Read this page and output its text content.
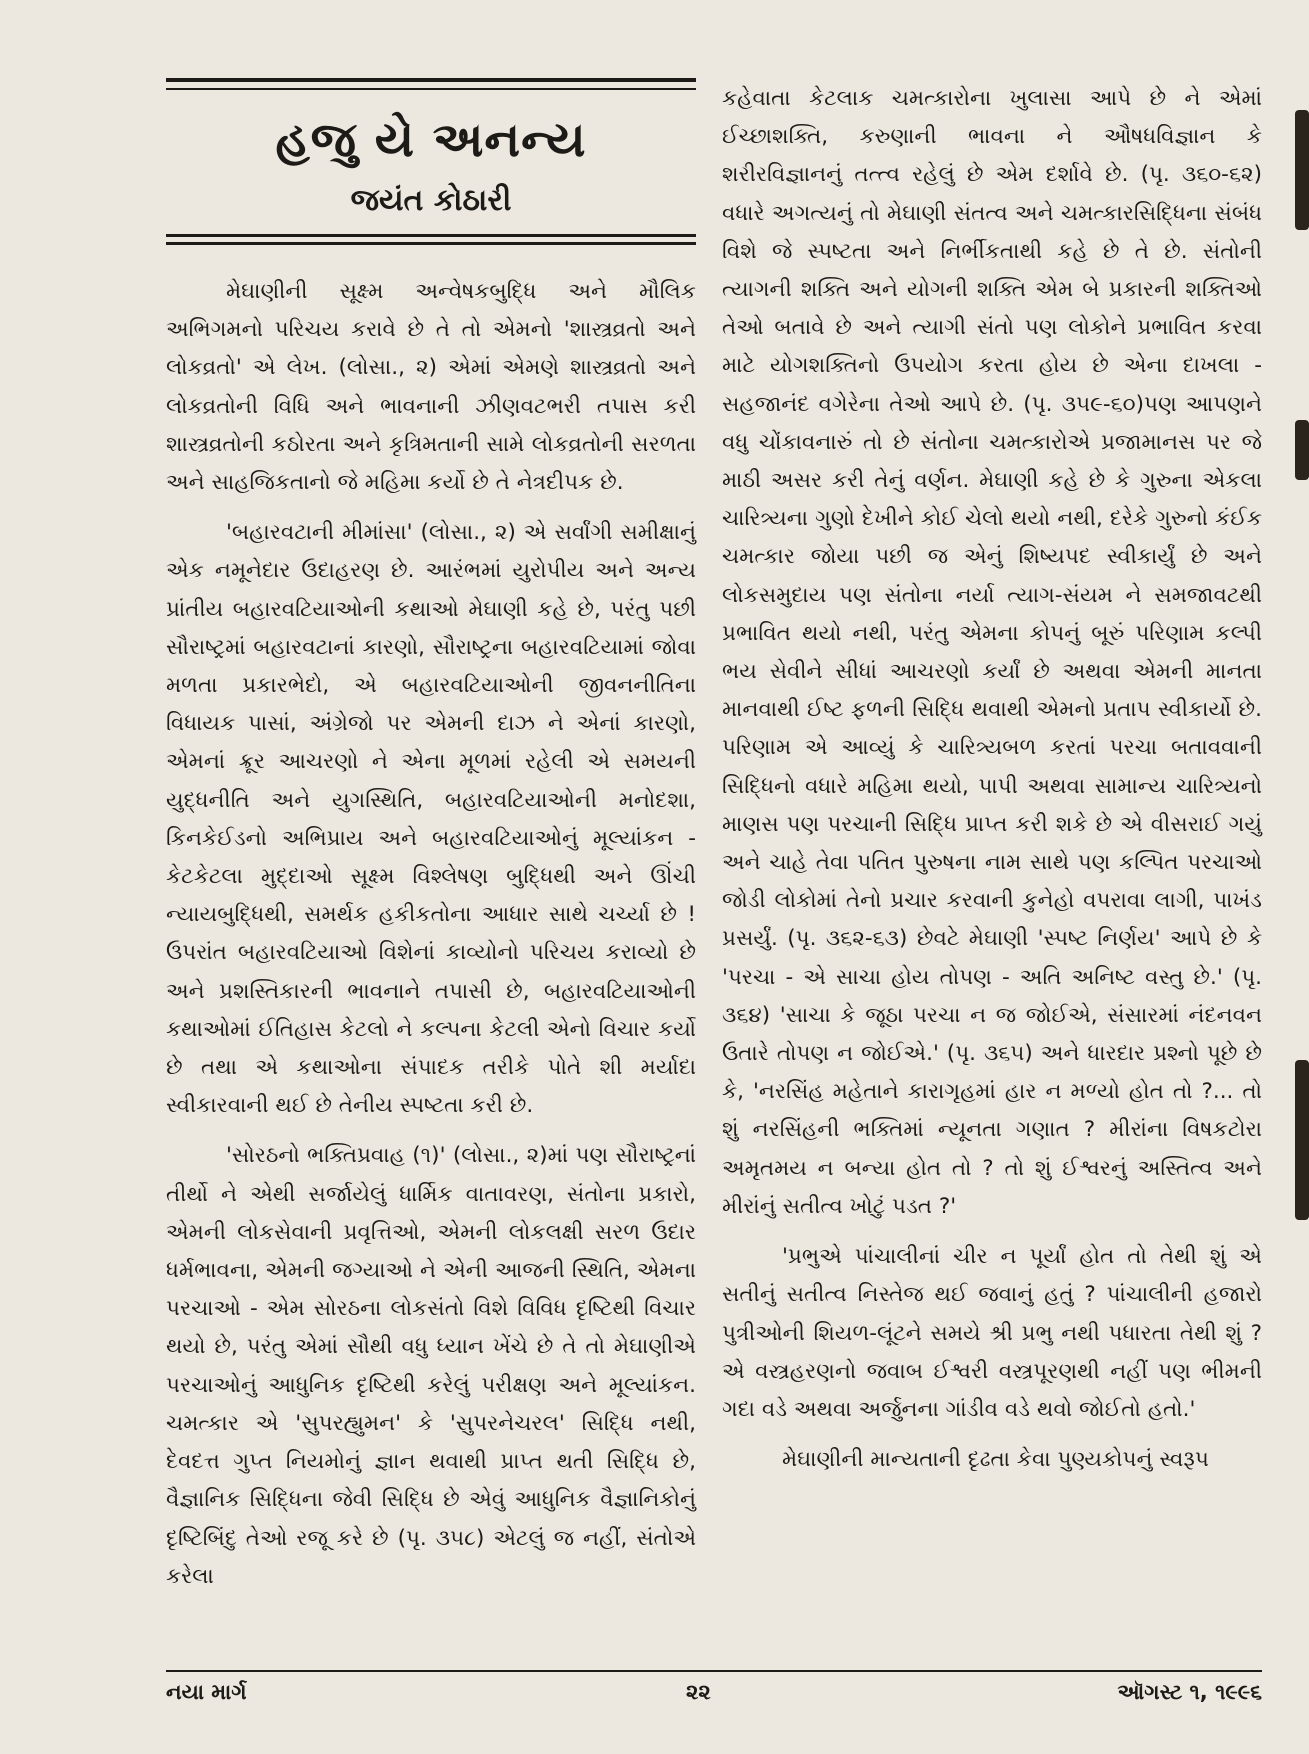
હજુ યે અનન્ય
જયંત કોઠારી

મેઘાણીની સૂક્ષ્મ અન્વેષકબુદ્ધિ અને મૌલિક અભિગમનો પરિચય કરાવે છે તે તો એમનો 'શાસ્ત્રવ્રતો અને લોકવ્રતો' એ લેખ. (લોસા., ૨) એમાં એમણે શાસ્ત્રવ્રતો અને લોકવ્રતોની વિધિ અને ભાવનાની ઝીણવટભરી તપાસ કરી શાસ્ત્રવ્રતોની કઠોરતા અને કૃત્રિમતાની સામે લોકવ્રતોની સરળતા અને સાહજિકતાનો જે મહિમા કર્યો છે તે નેત્રદીપક છે.

'બહારવટાની મીમાંસા' (લોસા., ૨) એ સર્વાંગી સમીક્ષાનું એક નમૂનેદાર ઉદાહરણ છે. આરંભમાં યુરોપીય અને અન્ય પ્રાંતીય બહારવટિયાઓની કથાઓ મેઘાણી કહે છે, પરંતુ પછી સૌરાષ્ટ્રમાં બહારવટાનાં કારણો, સૌરાષ્ટ્રના બહારવટિયામાં જોવા મળતા પ્રકારભેદો, એ બહારવટિયાઓની જીવનનીતિના વિધાયક પાસાં, અંગ્રેજો પર એમની દાઝ ને એનાં કારણો, એમનાં ક્રૂર આચરણો ને એના મૂળમાં રહેલી એ સમયની યુદ્ધનીતિ અને યુગસ્થિતિ, બહારવટિયાઓની મનોદશા, કિનકેઈડનો અભિપ્રાય અને બહારવટિયાઓનું મૂલ્યાંકન - કેટકેટલા મુદ્દાઓ સૂક્ષ્મ વિશ્લેષણ બુદ્ધિથી અને ઊંચી ન્યાયબુદ્ધિથી, સમર્થક હકીકતોના આધાર સાથે ચર્ચ્યા છે ! ઉપરાંત બહારવટિયાઓ વિશેનાં કાવ્યોનો પરિચય કરાવ્યો છે અને પ્રશસ્તિકારની ભાવનાને તપાસી છે, બહારવટિયાઓની કથાઓમાં ઈતિહાસ કેટલો ને કલ્પના કેટલી એનો વિચાર કર્યો છે તથા એ કથાઓના સંપાદક તરીકે પોતે શી મર્યાદા સ્વીકારવાની થઈ છે તેનીય સ્પષ્ટતા કરી છે.

'સોરઠનો ભક્તિપ્રવાહ (૧)' (લોસા., ૨)માં પણ સૌરાષ્ટ્રનાં તીર્થો ને એથી સર્જાયેલું ધાર્મિક વાતાવરણ, સંતોના પ્રકારો, એમની લોકસેવાની પ્રવૃત્તિઓ, એમની લોકલક્ષી સરળ ઉદાર ધર્મભાવના, એમની જગ્યાઓ ને એની આજની સ્થિતિ, એમના પરચાઓ - એમ સોરઠના લોકસંતો વિશે વિવિધ દૃષ્ટિથી વિચાર થયો છે, પરંતુ એમાં સૌથી વધુ ધ્યાન ખેંચે છે તે તો મેઘાણીએ પરચાઓનું આધુનિક દૃષ્ટિથી કરેલું પરીક્ષણ અને મૂલ્યાંકન. ચમત્કાર એ 'સુપરહ્યુમન' કે 'સુપરનેચરલ' સિદ્ધિ નથી, દેવદત્ત ગુપ્ત નિયમોનું જ્ઞાન થવાથી પ્રાપ્ત થતી સિદ્ધિ છે, વૈજ્ઞાનિક સિદ્ધિના જેવી સિદ્ધિ છે એવું આધુનિક વૈજ્ઞાનિકોનું દૃષ્ટિબિંદુ તેઓ રજૂ કરે છે (પૃ. ૩૫૮) એટલું જ નહીં, સંતોએ કરેલા

કહેવાતા કેટલાક ચમત્કારોના ખુલાસા આપે છે ને એમાં ઈચ્છાશક્તિ, કરુણાની ભાવના ને ઔષધવિજ્ઞાન કે શરીરવિજ્ઞાનનું તત્ત્વ રહેલું છે એમ દર્શાવે છે. (પૃ. ૩૬૦-૬૨) વધારે અગત્યનું તો મેઘાણી સંતત્વ અને ચમત્કારસિદ્ધિના સંબંધ વિશે જે સ્પષ્ટતા અને નિર્ભીકતાથી કહે છે તે છે. સંતોની ત્યાગની શક્તિ અને યોગની શક્તિ એમ બે પ્રકારની શક્તિઓ તેઓ બતાવે છે અને ત્યાગી સંતો પણ લોકોને પ્રભાવિત કરવા માટે યોગશક્તિનો ઉપયોગ કરતા હોય છે એના દાખલા - સહજાનંદ વગેરેના તેઓ આપે છે. (પૃ. ૩૫૯-૬૦)પણ આપણને વધુ ચોંકાવનારું તો છે સંતોના ચમત્કારોએ પ્રજામાનસ પર જે માઠી અસર કરી તેનું વર્ણન. મેઘાણી કહે છે કે ગુરુના એકલા ચારિત્ર્યના ગુણો દેખીને કોઈ ચેલો થયો નથી, દરેકે ગુરુનો કંઈક ચમત્કાર જોયા પછી જ એનું શિષ્યપદ સ્વીકાર્યું છે અને લોકસમુદાય પણ સંતોના નર્યા ત્યાગ-સંયમ ને સમજાવટથી પ્રભાવિત થયો નથી, પરંતુ એમના કોપનું બૂરું પરિણામ કલ્પી ભય સેવીને સીધાં આચરણો કર્યાં છે અથવા એમની માનતા માનવાથી ઈષ્ટ ફળની સિદ્ધિ થવાથી એમનો પ્રતાપ સ્વીકાર્યો છે. પરિણામ એ આવ્યું કે ચારિત્ર્યબળ કરતાં પરચા બતાવવાની સિદ્ધિનો વધારે મહિમા થયો, પાપી અથવા સામાન્ય ચારિત્ર્યનો માણસ પણ પરચાની સિદ્ધિ પ્રાપ્ત કરી શકે છે એ વીસરાઈ ગયું અને ચાહે તેવા પતિત પુરુષના નામ સાથે પણ કલ્પિત પરચાઓ જોડી લોકોમાં તેનો પ્રચાર કરવાની કુનેહો વપરાવા લાગી, પાખંડ પ્રસર્યું. (પૃ. ૩૬૨-૬૩) છેવટે મેઘાણી 'સ્પષ્ટ નિર્ણય' આપે છે કે 'પરચા - એ સાચા હોય તોપણ - અતિ અનિષ્ટ વસ્તુ છે.' (પૃ. ૩૬૪) 'સાચા કે જૂઠા પરચા ન જ જોઈએ, સંસારમાં નંદનવન ઉતારે તોપણ ન જોઈએ.' (પૃ. ૩૬૫) અને ધારદાર પ્રશ્નો પૂછે છે કે, 'નરસિંહ મહેતાને કારાગૃહમાં હાર ન મળ્યો હોત તો ?... તો શું નરસિંહની ભક્તિમાં ન્યૂનતા ગણાત ? મીરાંના વિષકટોરા અમૃતમય ન બન્યા હોત તો ? તો શું ઈશ્વરનું અસ્તિત્વ અને મીરાંનું સતીત્વ ખોટું પડત ?'

'પ્રભુએ પાંચાલીનાં ચીર ન પૂર્યાં હોત તો તેથી શું એ સતીનું સતીત્વ નિસ્તેજ થઈ જવાનું હતું ? પાંચાલીની હજારો પુત્રીઓની શિયળ-લૂંટને સમયે શ્રી પ્રભુ નથી પધારતા તેથી શું ? એ વસ્ત્રહરણનો જવાબ ઈશ્વરી વસ્ત્રપૂરણથી નહીં પણ ભીમની ગદા વડે અથવા અર્જુનના ગાંડીવ વડે થવો જોઈતો હતો.'

મેઘાણીની માન્યતાની દૃઢતા કેવા પુણ્યકોપનું સ્વરૂપ

નયા માર્ગ	૨૨	ઑગસ્ટ ૧, ૧૯૯૬
